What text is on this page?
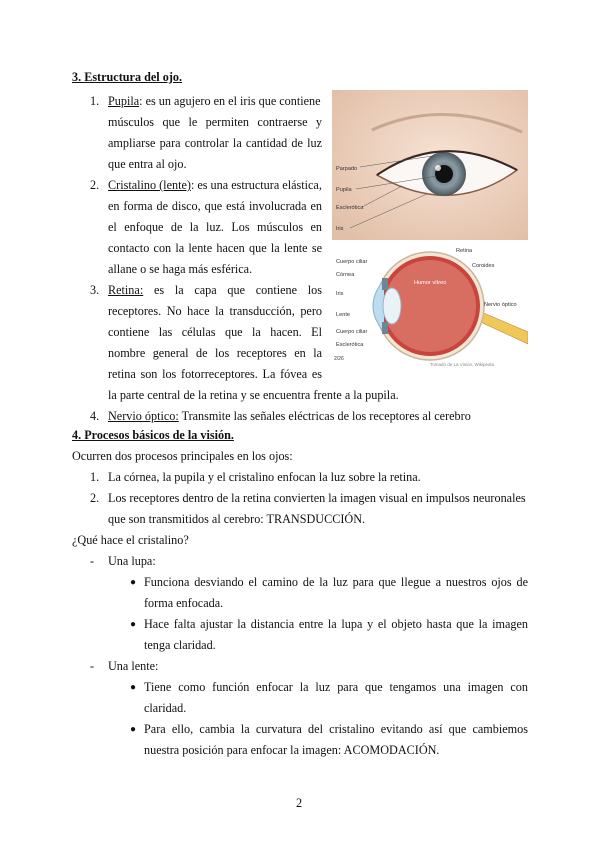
3. Estructura del ojo.
1. Pupila: es un agujero en el iris que contiene
músculos que le permiten contraerse y
ampliarse para controlar la cantidad de luz
que entra al ojo.
2. Cristalino (lente): es una estructura elástica,
en forma de disco, que está involucrada en
el enfoque de la luz. Los músculos en
contacto con la lente hacen que la lente se
allane o se haga más esférica.
3. Retina: es la capa que contiene los
receptores. No hace la transducción, pero
contiene las células que la hacen. El
nombre general de los receptores en la
retina son los fotorreceptores. La fóvea es
la parte central de la retina y se encuentra frente a la pupila.
4. Nervio óptico: Transmite las señales eléctricas de los receptores al cerebro
Parpado
Pupila
Esclerótica
Iris
Retina
Coroides
Cuerpo ciliar
Córnea
Humor vítreo
Iris
Nervio óptico
Lente
Cuerpo ciliar
Esclerótica
2/26
Tomado de La Visión, Wikipedia.
4. Procesos básicos de la visión.
Ocurren dos procesos principales en los ojos:
1. La córnea, la pupila y el cristalino enfocan la luz sobre la retina.
2. Los receptores dentro de la retina convierten la imagen visual en impulsos neuronales
que son transmitidos al cerebro: TRANSDUCCIÓN.
¿Qué hace el cristalino?
- Una lupa:
● Funciona desviando el camino de la luz para que llegue a nuestros ojos de
forma enfocada.
● Hace falta ajustar la distancia entre la lupa y el objeto hasta que la imagen
tenga claridad.
- Una lente:
● Tiene como función enfocar la luz para que tengamos una imagen con
claridad.
● Para ello, cambia la curvatura del cristalino evitando así que cambiemos
nuestra posición para enfocar la imagen: ACOMODACIÓN.
2
